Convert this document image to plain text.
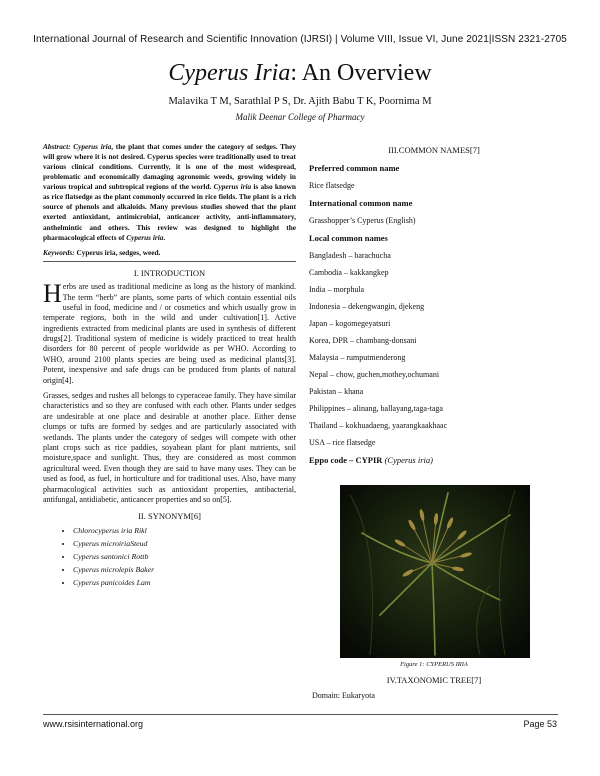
International Journal of Research and Scientific Innovation (IJRSI) | Volume VIII, Issue VI, June 2021|ISSN 2321-2705
Cyperus Iria: An Overview
Malavika T M, Sarathlal P S, Dr. Ajith Babu T K, Poornima M
Malik Deenar College of Pharmacy

Abstract: Cyperus iria, the plant that comes under the category of sedges. They will grow where it is not desired. Cyperus species were traditionally used to treat various clinical conditions. Currently, it is one of the most widespread, problematic and economically damaging agronomic weeds, growing widely in various tropical and subtropical regions of the world. Cyperus iria is also known as rice flatsedge as the plant commonly occurred in rice fields. The plant is a rich source of phenols and alkaloids. Many previous studies showed that the plant exerted antioxidant, antimicrobial, anticancer activity, anti-inflammatory, anthelmintic and others. This review was designed to highlight the pharmacological effects of Cyperus iria.

Keywords: Cyperus iria, sedges, weed.

I. INTRODUCTION

Herbs are used as traditional medicine as long as the history of mankind. The term “herb” are plants, some parts of which contain essential oils useful in food, medicine and / or cosmetics and which usually grow in temperate regions, both in the wild and under cultivation[1]. Active ingredients extracted from medicinal plants are used in synthesis of different drugs[2]. Traditional system of medicine is widely practiced to treat health disorders for 80 percent of people worldwide as per WHO. According to WHO, around 2100 plants species are being used as medicinal plants[3]. Potent, inexpensive and safe drugs can be produced from plants of natural origin[4].

Grasses, sedges and rushes all belongs to cyperaceae family. They have similar characteristics and so they are confused with each other. Plants under sedges are undesirable at one place and desirable at another place. Either dense clumps or tufts are formed by sedges and are particularly associated with wetlands. The plants under the category of sedges will compete with other plant crops such as rice paddies, soyabean plant for plant nutrients, soil moisture,space and sunlight. Thus, they are considered as most common agricultural weed. Even though they are said to have many uses. They can be used as food, as fuel, in horticulture and for traditional uses. Also, have many pharmacological activities such as antioxidant properties, antibacterial, antifungal, antidiabetic, anticancer properties and so on[5].

II. SYNONYM[6]
• Chlorocyperus iria Rikl
• Cyperus microiriaSteud
• Cyperus santonici Rottb
• Cyperus microlepis Baker
• Cyperus panicoides Lam
III.COMMON NAMES[7]
Preferred common name
Rice flatsedge
International common name
Grasshopper’s Cyperus (English)
Local common names
Bangladesh – barachucha
Cambodia – kakkangkep
India – morphula
Indonesia – dekengwangin, djekeng
Japan – kogomegeyatsuri
Korea, DPR – chambang-donsani
Malaysia – rumputmenderong
Nepal – chow, guchen,mothey,ochumani
Pakistan – khana
Philippines – alinang, ballayang,taga-taga
Thailand – kokhuadaeng, yaarangkaakhaac
USA – rice flatsedge
Eppo code – CYPIR (Cyperus iria)
Figure 1: CYPERUS IRIA
IV.TAXONOMIC TREE[7]
Domain: Eukaryota
www.rsisinternational.org	Page 53
